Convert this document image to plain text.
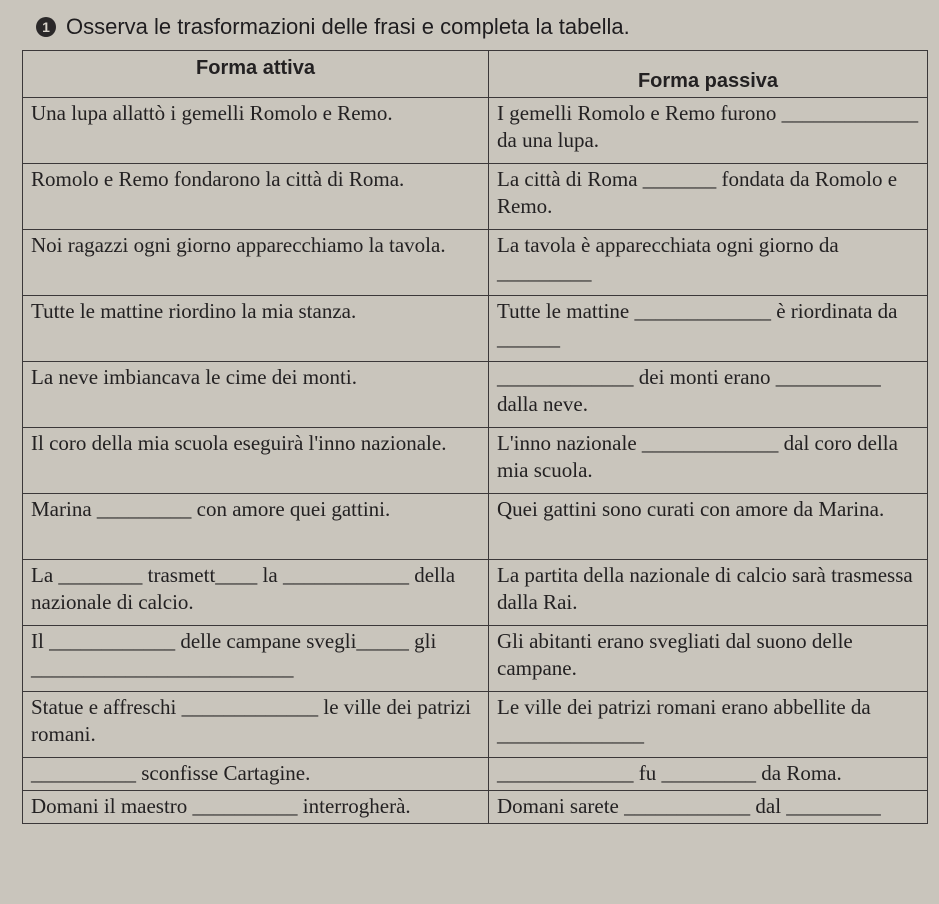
1 Osserva le trasformazioni delle frasi e completa la tabella.
Forma attiva	Forma passiva
Una lupa allattò i gemelli Romolo e Remo.	I gemelli Romolo e Remo furono _____________ da una lupa.
Romolo e Remo fondarono la città di Roma.	La città di Roma _______ fondata da Romolo e Remo.
Noi ragazzi ogni giorno apparecchiamo la tavola.	La tavola è apparecchiata ogni giorno da _________
Tutte le mattine riordino la mia stanza.	Tutte le mattine _____________ è riordinata da ______
La neve imbiancava le cime dei monti.	_____________ dei monti erano __________ dalla neve.
Il coro della mia scuola eseguirà l'inno nazionale.	L'inno nazionale _____________ dal coro della mia scuola.
Marina _________ con amore quei gattini.	Quei gattini sono curati con amore da Marina.
La ________ trasmett____ la ____________ della nazionale di calcio.	La partita della nazionale di calcio sarà trasmessa dalla Rai.
Il ____________ delle campane svegli_____ gli _________________________	Gli abitanti erano svegliati dal suono delle campane.
Statue e affreschi _____________ le ville dei patrizi romani.	Le ville dei patrizi romani erano abbellite da ______________
__________ sconfisse Cartagine.	_____________ fu _________ da Roma.
Domani il maestro __________ interrogherà.	Domani sarete ____________ dal _________
